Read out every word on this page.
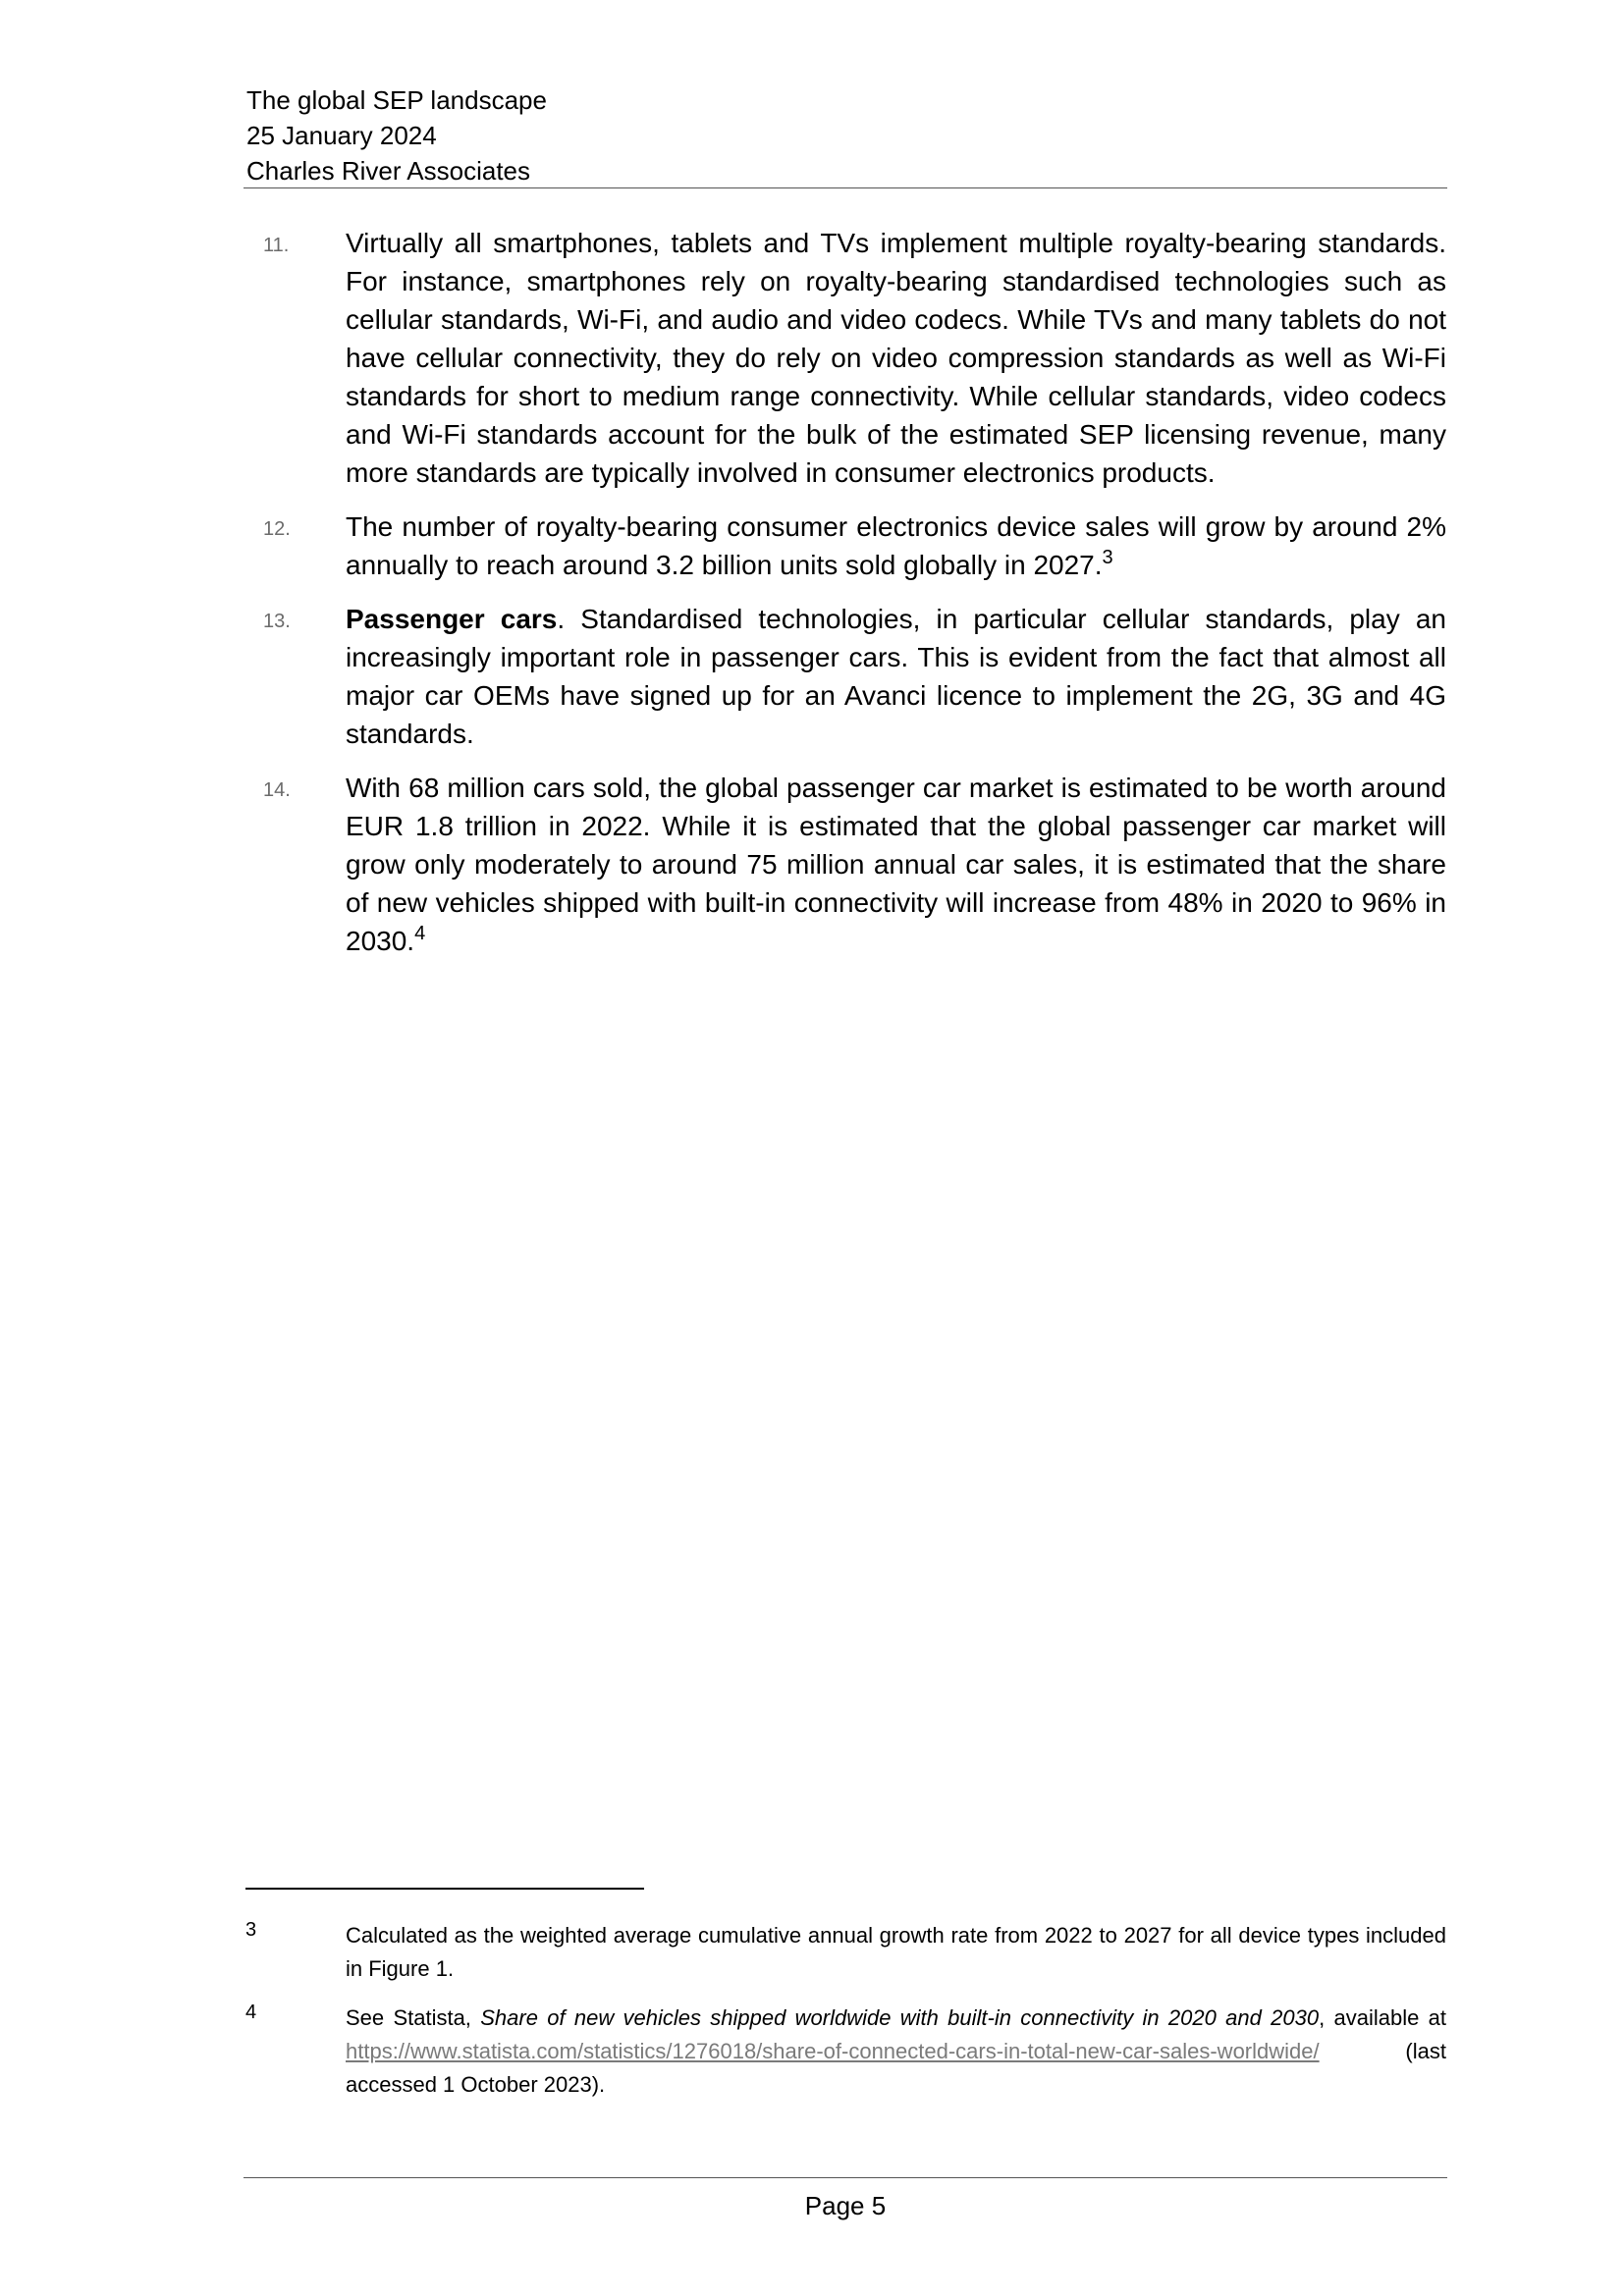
The global SEP landscape
25 January 2024
Charles River Associates
11. Virtually all smartphones, tablets and TVs implement multiple royalty-bearing standards. For instance, smartphones rely on royalty-bearing standardised technologies such as cellular standards, Wi-Fi, and audio and video codecs. While TVs and many tablets do not have cellular connectivity, they do rely on video compression standards as well as Wi-Fi standards for short to medium range connectivity. While cellular standards, video codecs and Wi-Fi standards account for the bulk of the estimated SEP licensing revenue, many more standards are typically involved in consumer electronics products.
12. The number of royalty-bearing consumer electronics device sales will grow by around 2% annually to reach around 3.2 billion units sold globally in 2027.$^3$
13. Passenger cars. Standardised technologies, in particular cellular standards, play an increasingly important role in passenger cars. This is evident from the fact that almost all major car OEMs have signed up for an Avanci licence to implement the 2G, 3G and 4G standards.
14. With 68 million cars sold, the global passenger car market is estimated to be worth around EUR 1.8 trillion in 2022. While it is estimated that the global passenger car market will grow only moderately to around 75 million annual car sales, it is estimated that the share of new vehicles shipped with built-in connectivity will increase from 48% in 2020 to 96% in 2030.$^4$
3	Calculated as the weighted average cumulative annual growth rate from 2022 to 2027 for all device types included in Figure 1.
4	See Statista, Share of new vehicles shipped worldwide with built-in connectivity in 2020 and 2030, available at https://www.statista.com/statistics/1276018/share-of-connected-cars-in-total-new-car-sales-worldwide/ (last accessed 1 October 2023).
Page 5
